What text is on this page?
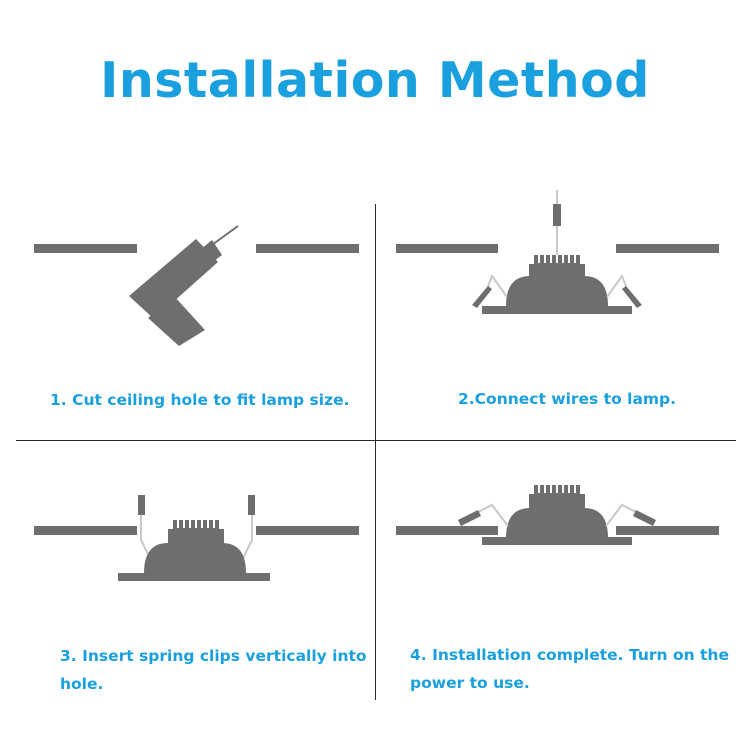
Installation Method
1. Cut ceiling hole to fit lamp size.	2.Connect wires to lamp.
3. Insert spring clips vertically into
hole.
4. Installation complete. Turn on the
power to use.
